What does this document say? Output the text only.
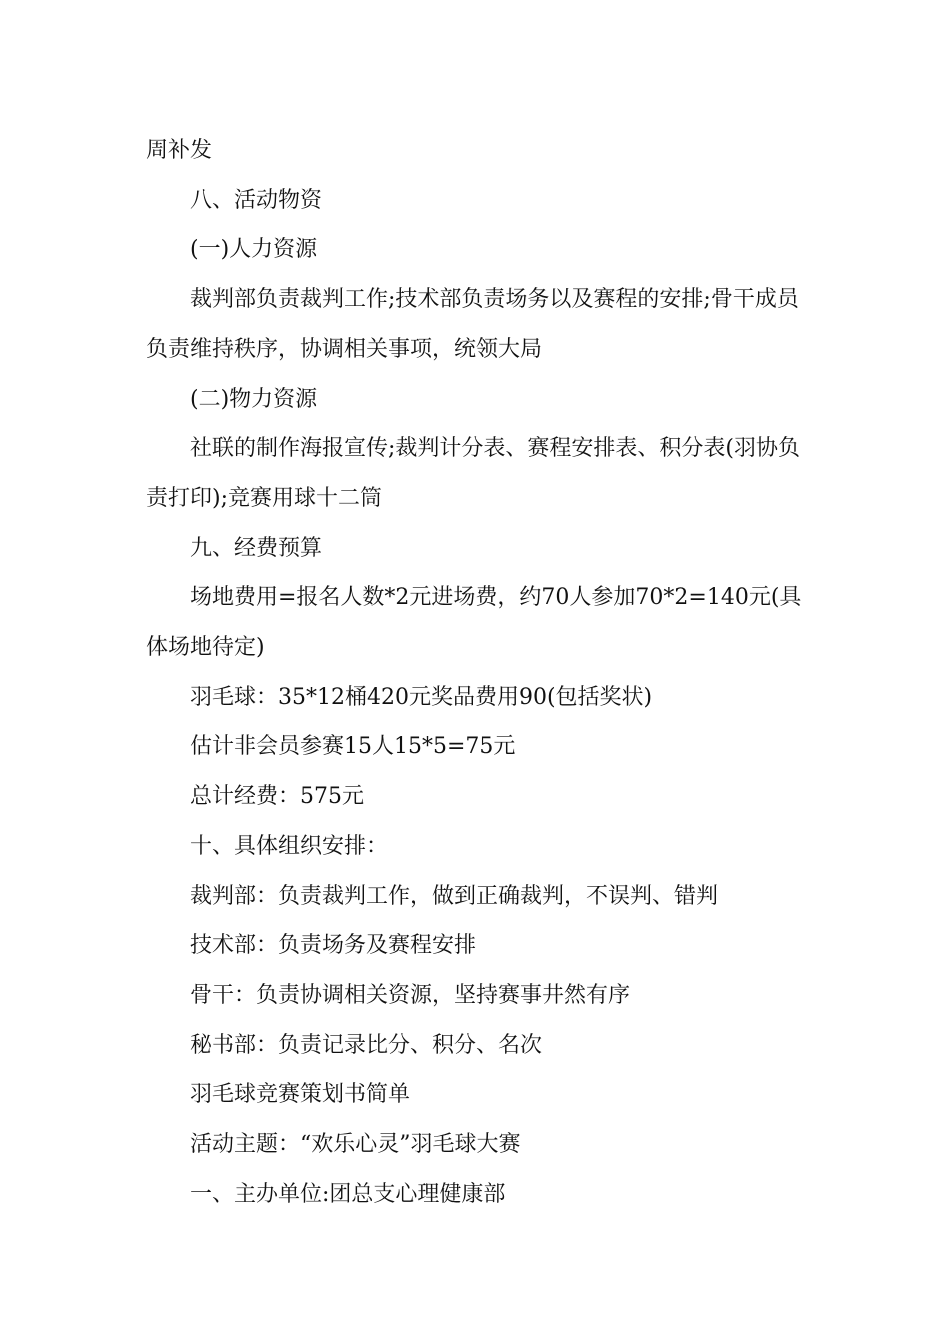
周补发

八、活动物资

(一)人力资源

裁判部负责裁判工作;技术部负责场务以及赛程的安排;骨干成员负责维持秩序，协调相关事项，统领大局

(二)物力资源

社联的制作海报宣传;裁判计分表、赛程安排表、积分表(羽协负责打印);竞赛用球十二筒

九、经费预算

场地费用=报名人数*2元进场费，约70人参加70*2=140元(具体场地待定)

羽毛球：35*12桶420元奖品费用90(包括奖状)

估计非会员参赛15人15*5=75元

总计经费：575元

十、具体组织安排：

裁判部：负责裁判工作，做到正确裁判，不误判、错判

技术部：负责场务及赛程安排

骨干：负责协调相关资源，坚持赛事井然有序

秘书部：负责记录比分、积分、名次

羽毛球竞赛策划书简单

活动主题：“欢乐心灵”羽毛球大赛

一、主办单位:团总支心理健康部
